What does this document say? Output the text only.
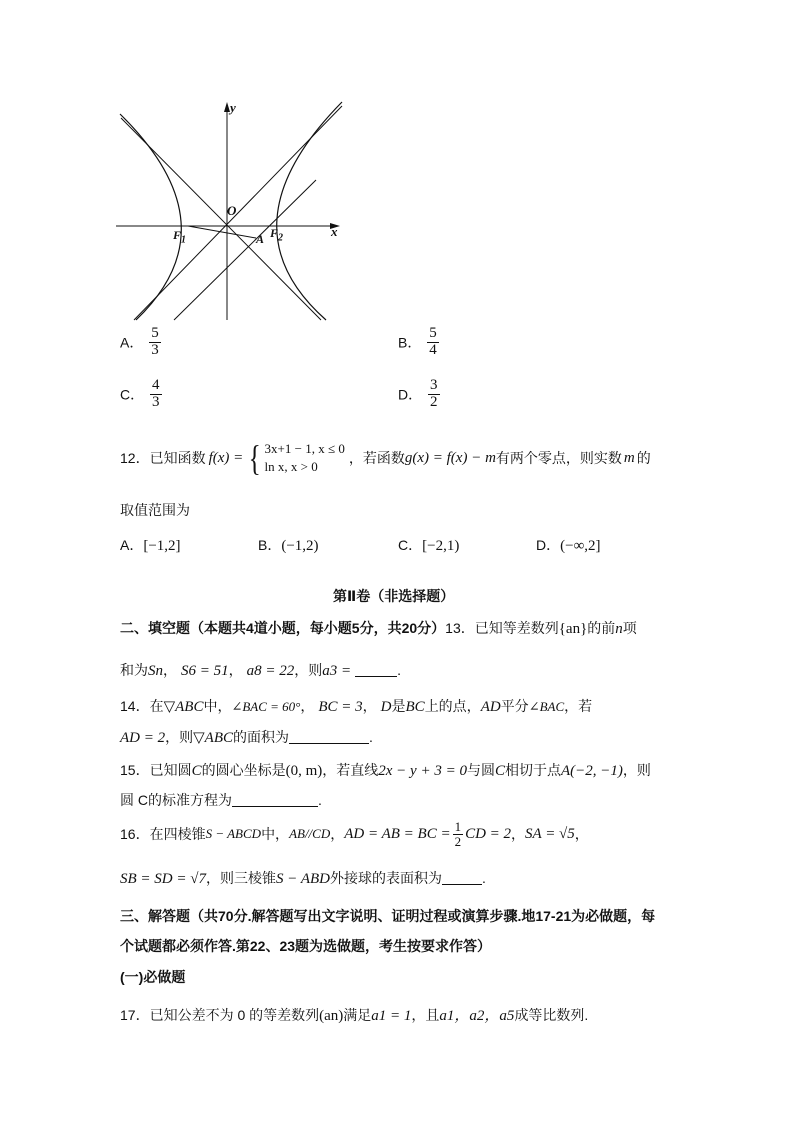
y
x
O
$F_1$	$F_2$
A
A． $\frac{5}{3}$	B． $\frac{5}{4}$
C． $\frac{4}{3}$	D． $\frac{3}{2}$
12．已知函数 f(x) = { 3x+1 − 1, x ≤ 0
ln x, x > 0
，若函数 g(x) = f(x) − m 有两个零点，则实数 m 的
取值范围为
A．[−1,2]	B．(−1,2)	C．[−2,1)	D．(−∞,2]
第Ⅱ卷（非选择题）
二、填空题（本题共4道小题，每小题5分，共20分）13．已知等差数列{an}的前n项
和为Sn， S6 = 51， a8 = 22，则a3 =	.
14．在▽ABC中，∠BAC = 60°， BC = 3， D是BC上的点，AD平分∠BAC，若
AD = 2，则▽ABC的面积为	.
15．已知圆C的圆心坐标是(0, m)，若直线2x − y + 3 = 0与圆C相切于点A(−2, −1)，则
圆 C的标准方程为	.
16．在四棱锥 S − ABCD 中， AB//CD ， AD = AB = BC = $\frac{1}{2}$ CD = 2 ， SA = √5 ，
SB = SD = √7，则三棱锥S − ABD外接球的表面积为	.
三、解答题（共70分.解答题写出文字说明、证明过程或演算步骤.地17-21为必做题，每
个试题都必须作答.第22、23题为选做题，考生按要求作答）
(一)必做题
17．已知公差不为 0 的等差数列(an)满足a1 = 1，且a1，a2，a5成等比数列.
